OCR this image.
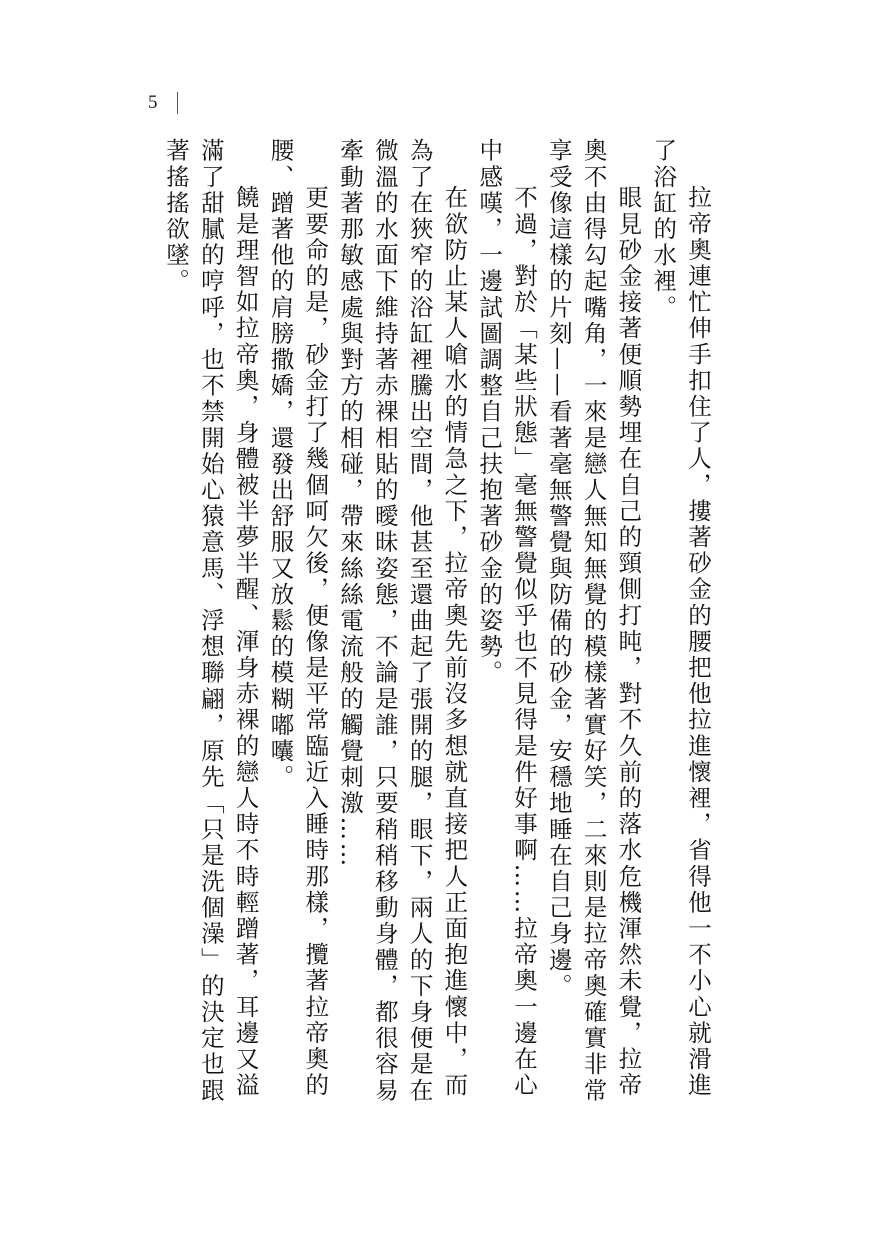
5

拉帝奧連忙伸手扣住了人，摟著砂金的腰把他拉進懷裡，省得他一不小心就滑進了浴缸的水裡。

眼見砂金接著便順勢埋在自己的頸側打盹，對不久前的落水危機渾然未覺，拉帝奧不由得勾起嘴角，一來是戀人無知無覺的模樣著實好笑，二來則是拉帝奧確實非常享受像這樣的片刻——看著毫無警覺與防備的砂金，安穩地睡在自己身邊。

不過，對於「某些狀態」毫無警覺似乎也不見得是件好事啊……拉帝奧一邊在心中感嘆，一邊試圖調整自己扶抱著砂金的姿勢。

在欲防止某人嗆水的情急之下，拉帝奧先前沒多想就直接把人正面抱進懷中，而為了在狹窄的浴缸裡騰出空間，他甚至還曲起了張開的腿，眼下，兩人的下身便是在微溫的水面下維持著赤裸相貼的曖昧姿態，不論是誰，只要稍稍移動身體，都很容易牽動著那敏感處與對方的相碰，帶來絲絲電流般的觸覺刺激……

更要命的是，砂金打了幾個呵欠後，便像是平常臨近入睡時那樣，攬著拉帝奧的腰、蹭著他的肩膀撒嬌，還發出舒服又放鬆的模糊嘟囔。

饒是理智如拉帝奧，身體被半夢半醒、渾身赤裸的戀人時不時輕蹭著，耳邊又溢滿了甜膩的哼呼，也不禁開始心猿意馬、浮想聯翩，原先「只是洗個澡」的決定也跟著搖搖欲墜。
